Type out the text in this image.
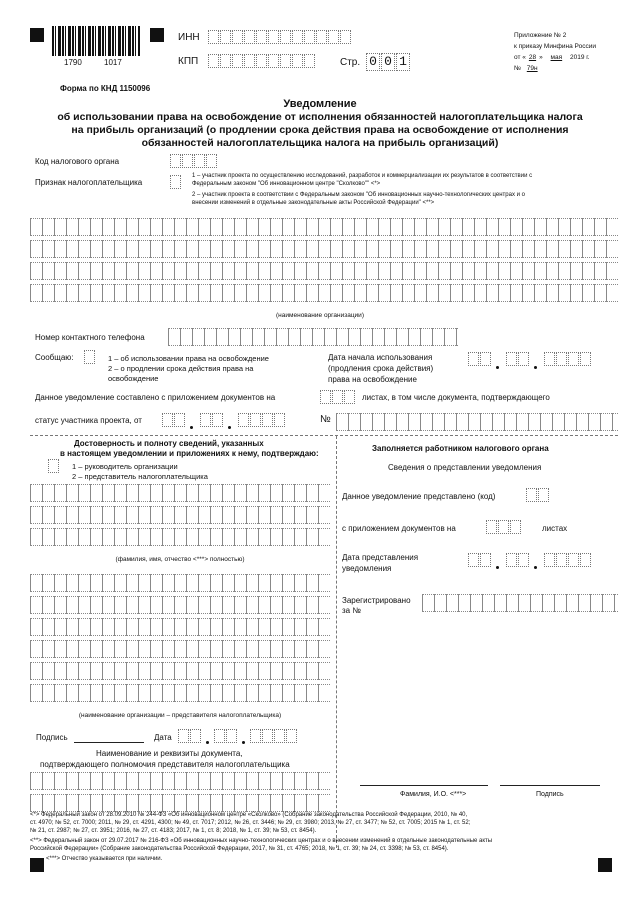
1790	1017
ИНН
КПП	Стр. 0 0 1
Приложение № 2
к приказу Минфина России
от « 28 » мая 2019 г.
№ 79н
Форма по КНД 1150096
Уведомление
об использовании права на освобождение от исполнения обязанностей налогоплательщика налога
на прибыль организаций (о продлении срока действия права на освобождение от исполнения
обязанностей налогоплательщика налога на прибыль организаций)
Код налогового органа
Признак налогоплательщика
1 – участник проекта по осуществлению исследований, разработок и коммерциализации их результатов в соответствии с
Федеральным законом "Об инновационном центре "Сколково"" <*>
2 – участник проекта в соответствии с Федеральным законом "Об инновационных научно-технологических центрах и о
внесении изменений в отдельные законодательные акты Российской Федерации" <**>
(наименование организации)
Номер контактного телефона
Сообщаю:	1 – об использовании права на освобождение
2 – о продлении срока действия права на
освобождение
Дата начала использования
(продления срока действия)
права на освобождение
Данное уведомление составлено с приложением документов на	листах, в том числе документа, подтверждающего
статус участника проекта, от	№
Достоверность и полноту сведений, указанных
в настоящем уведомлении и приложениях к нему, подтверждаю:
1 – руководитель организации
2 – представитель налогоплательщика
(фамилия, имя, отчество <***> полностью)
(наименование организации – представителя налогоплательщика)
Подпись	Дата
Наименование и реквизиты документа,
подтверждающего полномочия представителя налогоплательщика
Заполняется работником налогового органа
Сведения о представлении уведомления
Данное уведомление представлено (код)
с приложением документов на	листах
Дата представления
уведомления
Зарегистрировано
за №
Фамилия, И.О. <***>	Подпись
<*> Федеральный закон от 28.09.2010 № 244-ФЗ «Об инновационном центре «Сколково» (Собрание законодательства Российской Федерации, 2010, № 40,
ст. 4970; № 52, ст. 7000; 2011, № 29, ст. 4291, 4300; № 49, ст. 7017; 2012, № 26, ст. 3446; № 29, ст. 3980; 2013, № 27, ст. 3477; № 52, ст. 7005; 2015 № 1, ст. 52;
№ 21, ст. 2987; № 27, ст. 3951; 2016, № 27, ст. 4183; 2017, № 1, ст. 8; 2018, № 1, ст. 39; № 53, ст. 8454).
<**> Федеральный закон от 29.07.2017 № 216-ФЗ «Об инновационных научно-технологических центрах и о внесении изменений в отдельные законодательные акты
Российской Федерации» (Собрание законодательства Российской Федерации, 2017, № 31, ст. 4765; 2018, № 1, ст. 39; № 24, ст. 3398; № 53, ст. 8454).
<***> Отчество указывается при наличии.
